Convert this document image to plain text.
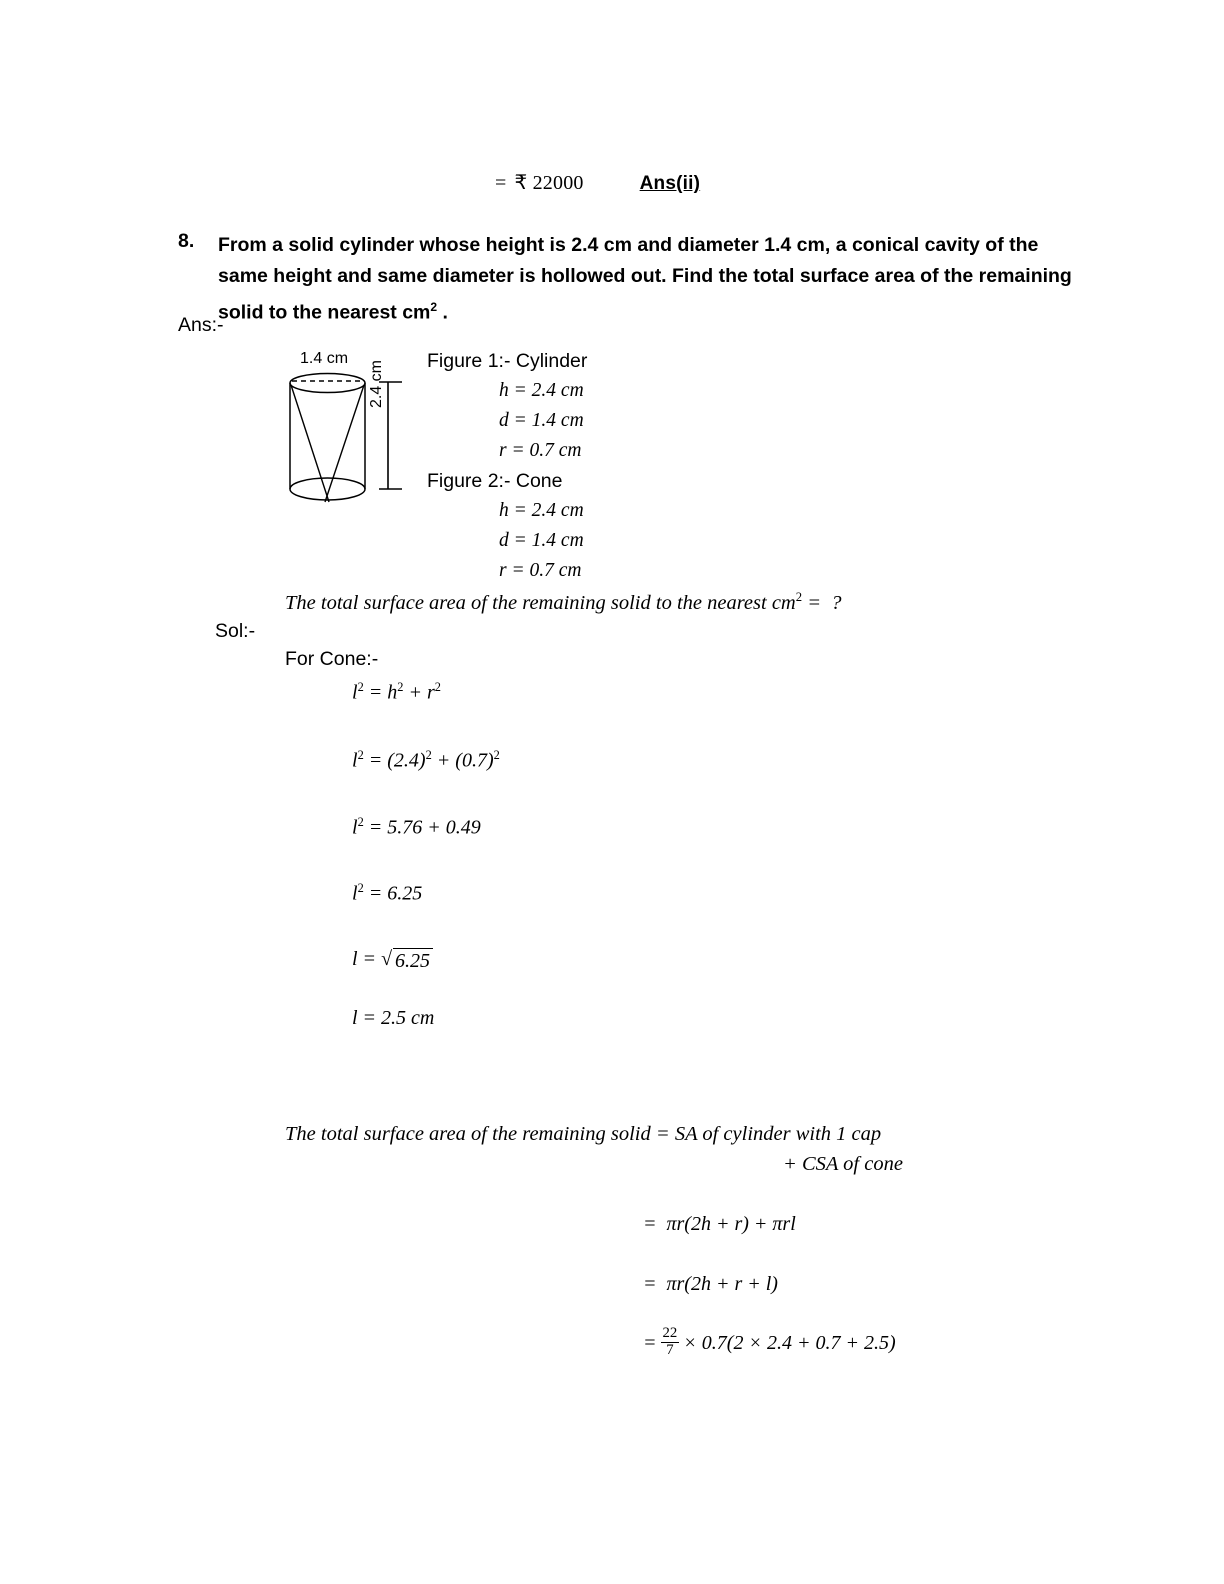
= ₹ 22000	Ans(ii)
8.	From a solid cylinder whose height is 2.4 cm and diameter 1.4 cm, a conical cavity of the same height and same diameter is hollowed out. Find the total surface area of the remaining solid to the nearest $cm^2$ .
Ans:-
1.4 cm
2.4 cm Figure 1:- Cylinder
h = 2.4 cm
d = 1.4 cm
r = 0.7 cm
Figure 2:- Cone
h = 2.4 cm
d = 1.4 cm
r = 0.7 cm
The total surface area of the remaining solid to the nearest $cm^2$ =  ?
Sol:-
For Cone:-
$l^2 = h^2 + r^2$
$l^2 = (2.4)^2 + (0.7)^2$
$l^2 = 5.76 + 0.49$
$l^2 = 6.25$
l = √ 6.25
l = 2.5 cm
The total surface area of the remaining solid = SA of cylinder with 1 cap
+ CSA of cone
=  πr(2h + r) + πrl
=  πr(2h + r + l)
= $\frac{22}{7} \times 0.7(2 \times 2.4 + 0.7 + 2.5)$
